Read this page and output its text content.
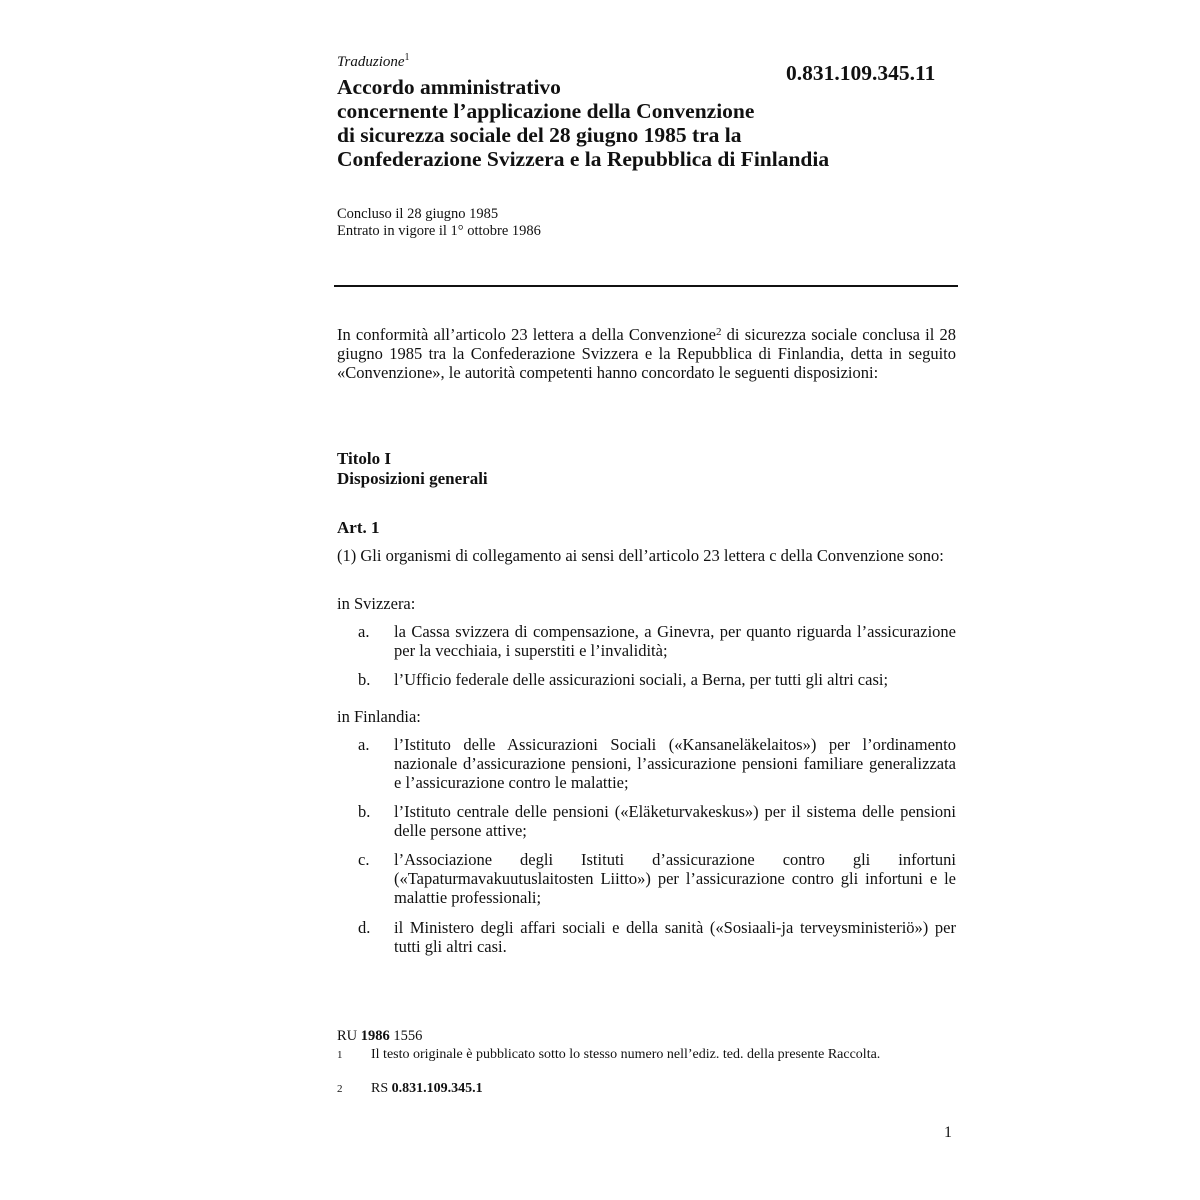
Traduzione$^1$
0.831.109.345.11
Accordo amministrativo
concernente l’applicazione della Convenzione
di sicurezza sociale del 28 giugno 1985 tra la
Confederazione Svizzera e la Repubblica di Finlandia
Concluso il 28 giugno 1985
Entrato in vigore il 1° ottobre 1986
In conformità all’articolo 23 lettera a della Convenzione$^2$ di sicurezza sociale conclusa il 28 giugno 1985 tra la Confederazione Svizzera e la Repubblica di Finlandia, detta in seguito «Convenzione», le autorità competenti hanno concordato le seguenti disposizioni:
Titolo I
Disposizioni generali
Art. 1
(1) Gli organismi di collegamento ai sensi dell’articolo 23 lettera c della Convenzione sono:
in Svizzera:
a.	la Cassa svizzera di compensazione, a Ginevra, per quanto riguarda l’assicurazione per la vecchiaia, i superstiti e l’invalidità;
b.	l’Ufficio federale delle assicurazioni sociali, a Berna, per tutti gli altri casi;
in Finlandia:
a.	l’Istituto delle Assicurazioni Sociali («Kansaneläkelaitos») per l’ordinamento nazionale d’assicurazione pensioni, l’assicurazione pensioni familiare generalizzata e l’assicurazione contro le malattie;
b.	l’Istituto centrale delle pensioni («Eläketurvakeskus») per il sistema delle pensioni delle persone attive;
c.	l’Associazione degli Istituti d’assicurazione contro gli infortuni («Tapaturmavakuutuslaitosten Liitto») per l’assicurazione contro gli infortuni e le malattie professionali;
d.	il Ministero degli affari sociali e della sanità («Sosiaali-ja terveysministeriö») per tutti gli altri casi.
RU 1986 1556
1	Il testo originale è pubblicato sotto lo stesso numero nell’ediz. ted. della presente Raccolta.
2	RS 0.831.109.345.1
1
